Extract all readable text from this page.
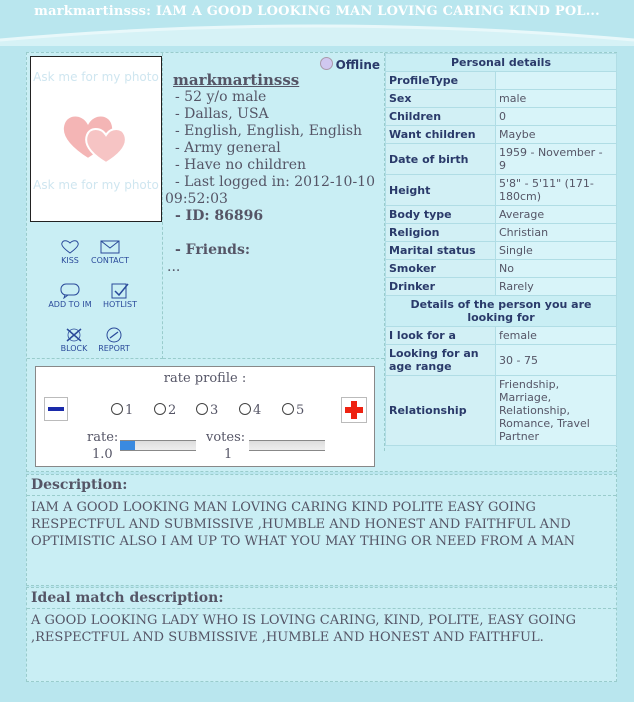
markmartinsss: IAM A GOOD LOOKING MAN LOVING CARING KIND POL...
Ask me for my photo
Ask me for my photo
KISS	CONTACT
ADD TO IM	HOTLIST
BLOCK	REPORT
Offline
markmartinsss
- 52 y/o male
- Dallas, USA
- English, English, English
- Army general
- Have no children
- Last logged in: 2012-10-10
09:52:03
- ID: 86896
- Friends:
...
rate profile :
1	2	3	4	5
rate:
1.0
votes:
1
Personal details	
ProfileType	
Sex	male
Children	0
Want children	Maybe
Date of birth	1959 - November - 9
Height	5'8" - 5'11" (171-180cm)
Body type	Average
Religion	Christian
Marital status	Single
Smoker	No
Drinker	Rarely
Details of the person you are looking for	
I look for a	female
Looking for an age range	30 - 75
Relationship	Friendship, Marriage, Relationship, Romance, Travel Partner
Description:
IAM A GOOD LOOKING MAN LOVING CARING KIND POLITE EASY GOING RESPECTFUL AND SUBMISSIVE ,HUMBLE AND HONEST AND FAITHFUL AND OPTIMISTIC ALSO I AM UP TO WHAT YOU MAY THING OR NEED FROM A MAN
Ideal match description:
A GOOD LOOKING LADY WHO IS LOVING CARING, KIND, POLITE, EASY GOING ,RESPECTFUL AND SUBMISSIVE ,HUMBLE AND HONEST AND FAITHFUL.
